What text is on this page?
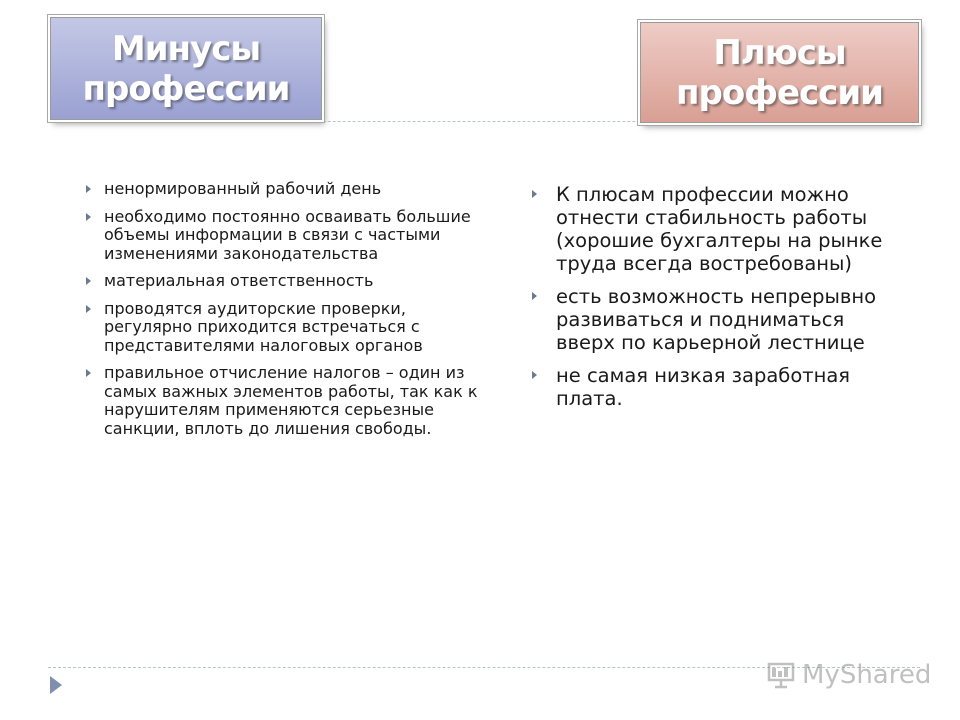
Минусы
профессии
Плюсы
профессии
ненормированный рабочий день
необходимо постоянно осваивать большие объемы информации в связи с частыми изменениями законодательства
материальная ответственность
проводятся аудиторские проверки, регулярно приходится встречаться с представителями налоговых органов
правильное отчисление налогов – один из самых важных элементов работы, так как к нарушителям применяются серьезные санкции, вплоть до лишения свободы.
К плюсам профессии можно отнести стабильность работы (хорошие бухгалтеры на рынке труда всегда востребованы)
есть возможность непрерывно развиваться и подниматься вверх по карьерной лестнице
не самая низкая заработная плата.
MyShared
